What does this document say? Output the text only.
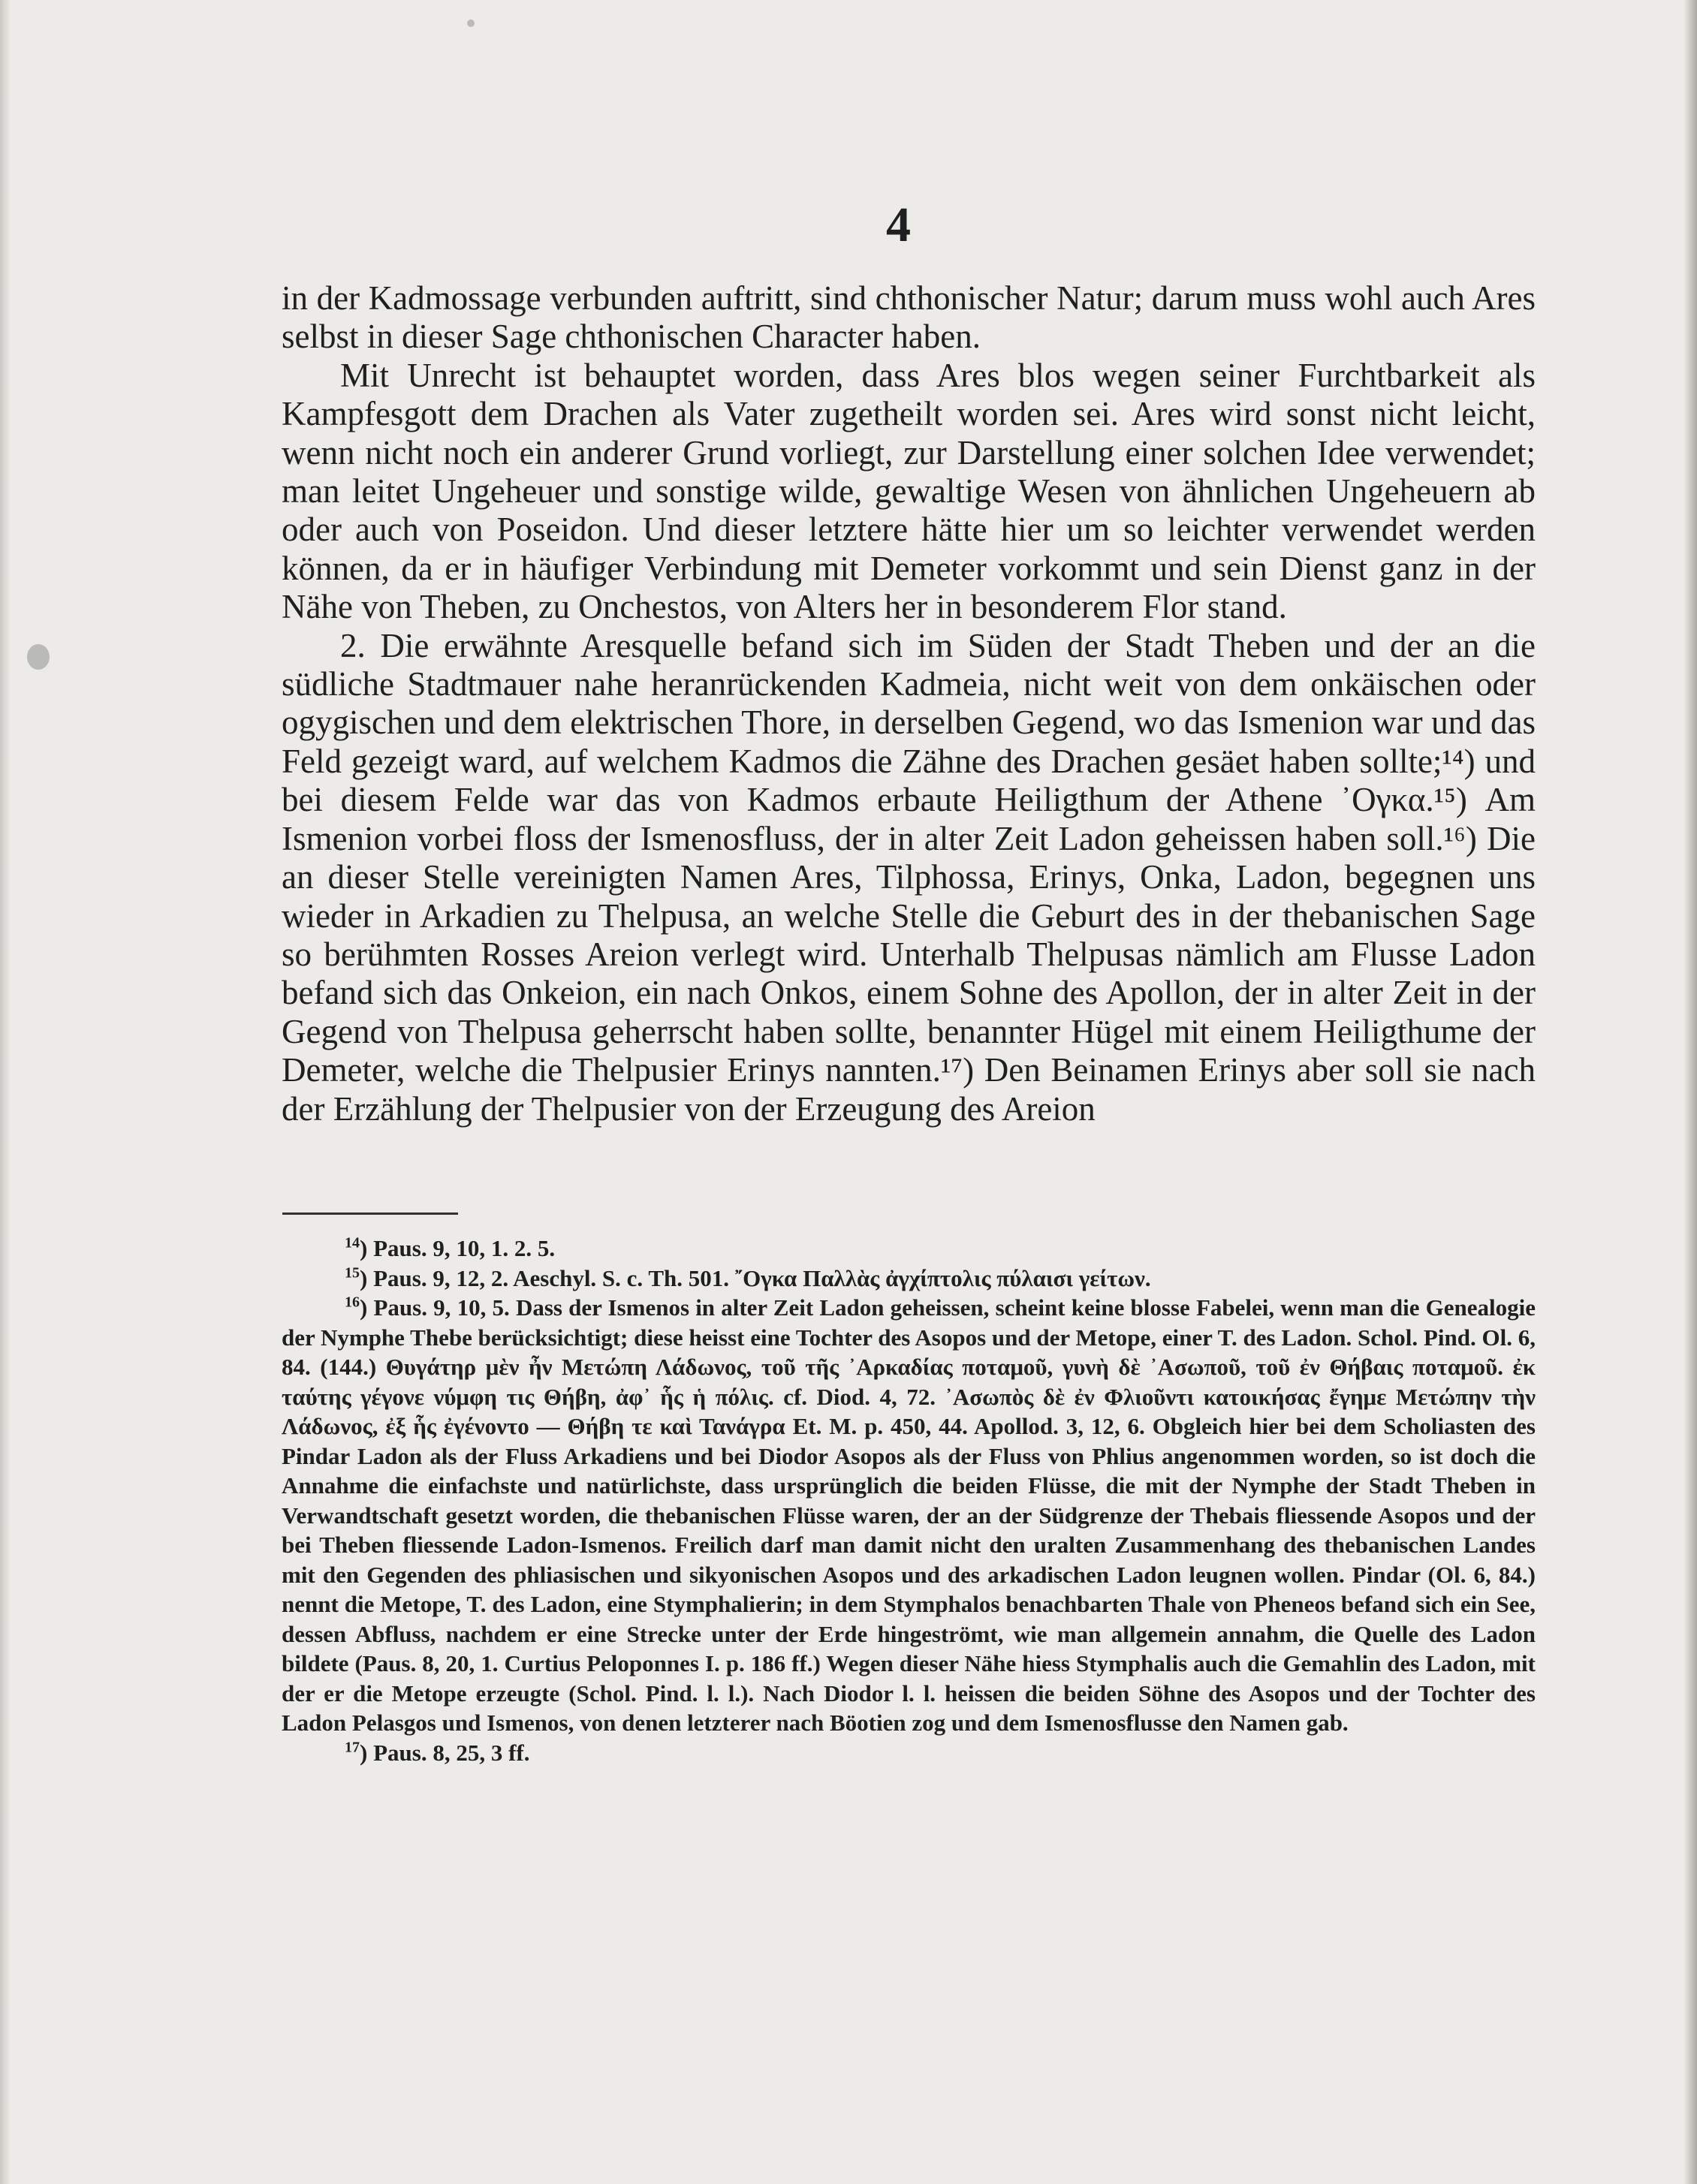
4

in der Kadmossage verbunden auftritt, sind chthonischer Natur; darum muss wohl auch Ares selbst in dieser Sage chthonischen Character haben.

Mit Unrecht ist behauptet worden, dass Ares blos wegen seiner Furchtbarkeit als Kampfesgott dem Drachen als Vater zugetheilt worden sei. Ares wird sonst nicht leicht, wenn nicht noch ein anderer Grund vorliegt, zur Darstellung einer solchen Idee verwendet; man leitet Ungeheuer und sonstige wilde, gewaltige Wesen von ähnlichen Ungeheuern ab oder auch von Poseidon. Und dieser letztere hätte hier um so leichter verwendet werden können, da er in häufiger Verbindung mit Demeter vorkommt und sein Dienst ganz in der Nähe von Theben, zu Onchestos, von Alters her in besonderem Flor stand.

2. Die erwähnte Aresquelle befand sich im Süden der Stadt Theben und der an die südliche Stadtmauer nahe heranrückenden Kadmeia, nicht weit von dem onkäischen oder ogygischen und dem elektrischen Thore, in derselben Gegend, wo das Ismenion war und das Feld gezeigt ward, auf welchem Kadmos die Zähne des Drachen gesäet haben sollte;¹⁴) und bei diesem Felde war das von Kadmos erbaute Heiligthum der Athene ᾿Ογκα.¹⁵) Am Ismenion vorbei floss der Ismenosfluss, der in alter Zeit Ladon geheissen haben soll.¹⁶) Die an dieser Stelle vereinigten Namen Ares, Tilphossa, Erinys, Onka, Ladon, begegnen uns wieder in Arkadien zu Thelpusa, an welche Stelle die Geburt des in der thebanischen Sage so berühmten Rosses Areion verlegt wird. Unterhalb Thelpusas nämlich am Flusse Ladon befand sich das Onkeion, ein nach Onkos, einem Sohne des Apollon, der in alter Zeit in der Gegend von Thelpusa geherrscht haben sollte, benannter Hügel mit einem Heiligthume der Demeter, welche die Thelpusier Erinys nannten.¹⁷) Den Beinamen Erinys aber soll sie nach der Erzählung der Thelpusier von der Erzeugung des Areion

$^{14}$) Paus. 9, 10, 1. 2. 5.

$^{15}$) Paus. 9, 12, 2. Aeschyl. S. c. Th. 501. ῎Ογκα Παλλὰς ἀγχίπτολις πύλαισι γείτων.

$^{16}$) Paus. 9, 10, 5. Dass der Ismenos in alter Zeit Ladon geheissen, scheint keine blosse Fabelei, wenn man die Genealogie der Nymphe Thebe berücksichtigt; diese heisst eine Tochter des Asopos und der Metope, einer T. des Ladon. Schol. Pind. Ol. 6, 84. (144.) Θυγάτηρ μὲν ἦν Μετώπη Λάδωνος, τοῦ τῆς ᾿Αρκαδίας ποταμοῦ, γυνὴ δὲ ᾿Ασωποῦ, τοῦ ἐν Θήβαις ποταμοῦ. ἐκ ταύτης γέγονε νύμφη τις Θήβη, ἀφ᾿ ἧς ἡ πόλις. cf. Diod. 4, 72. ᾿Ασωπὸς δὲ ἐν Φλιοῦντι κατοικήσας ἔγημε Μετώπην τὴν Λάδωνος, ἐξ ἧς ἐγένοντο — Θήβη τε καὶ Τανάγρα Et. M. p. 450, 44. Apollod. 3, 12, 6. Obgleich hier bei dem Scholiasten des Pindar Ladon als der Fluss Arkadiens und bei Diodor Asopos als der Fluss von Phlius angenommen worden, so ist doch die Annahme die einfachste und natürlichste, dass ursprünglich die beiden Flüsse, die mit der Nymphe der Stadt Theben in Verwandtschaft gesetzt worden, die thebanischen Flüsse waren, der an der Südgrenze der Thebais fliessende Asopos und der bei Theben fliessende Ladon-Ismenos. Freilich darf man damit nicht den uralten Zusammenhang des thebanischen Landes mit den Gegenden des phliasischen und sikyonischen Asopos und des arkadischen Ladon leugnen wollen. Pindar (Ol. 6, 84.) nennt die Metope, T. des Ladon, eine Stymphalierin; in dem Stymphalos benachbarten Thale von Pheneos befand sich ein See, dessen Abfluss, nachdem er eine Strecke unter der Erde hingeströmt, wie man allgemein annahm, die Quelle des Ladon bildete (Paus. 8, 20, 1. Curtius Peloponnes I. p. 186 ff.) Wegen dieser Nähe hiess Stymphalis auch die Gemahlin des Ladon, mit der er die Metope erzeugte (Schol. Pind. l. l.). Nach Diodor l. l. heissen die beiden Söhne des Asopos und der Tochter des Ladon Pelasgos und Ismenos, von denen letzterer nach Böotien zog und dem Ismenosflusse den Namen gab.

$^{17}$) Paus. 8, 25, 3 ff.
